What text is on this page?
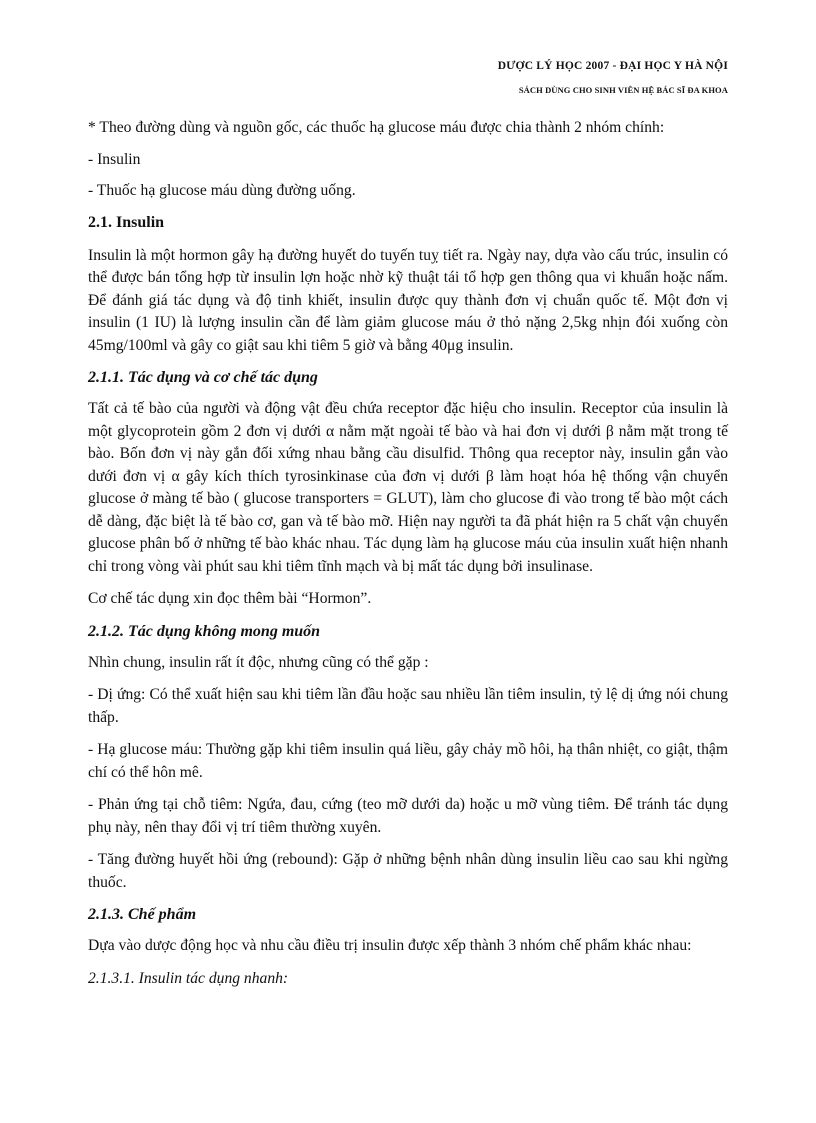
DƯỢC LÝ HỌC 2007 - ĐẠI HỌC Y HÀ NỘI
SÁCH DÙNG CHO SINH VIÊN HỆ BÁC SĨ ĐA KHOA

* Theo đường dùng và nguồn gốc, các thuốc hạ glucose máu được chia thành 2 nhóm chính:

- Insulin

- Thuốc hạ glucose máu dùng đường uống.

2.1. Insulin

Insulin là một hormon gây hạ đường huyết do tuyến tuỵ tiết ra. Ngày nay, dựa vào cấu trúc, insulin có thể được bán tổng hợp từ insulin lợn hoặc nhờ kỹ thuật tái tổ hợp gen thông qua vi khuẩn hoặc nấm. Để đánh giá tác dụng và độ tinh khiết, insulin được quy thành đơn vị chuẩn quốc tế. Một đơn vị insulin (1 IU) là lượng insulin cần để làm giảm glucose máu ở thỏ nặng 2,5kg nhịn đói xuống còn 45mg/100ml và gây co giật sau khi tiêm 5 giờ và bằng 40μg insulin.

2.1.1. Tác dụng và cơ chế tác dụng

Tất cả tế bào của người và động vật đều chứa receptor đặc hiệu cho insulin. Receptor của insulin là một glycoprotein gồm 2 đơn vị dưới α nằm mặt ngoài tế bào và hai đơn vị dưới β nằm mặt trong tế bào. Bốn đơn vị này gắn đối xứng nhau bằng cầu disulfid. Thông qua receptor này, insulin gắn vào dưới đơn vị α gây kích thích tyrosinkinase của đơn vị dưới β làm hoạt hóa hệ thống vận chuyển glucose ở màng tế bào ( glucose transporters = GLUT), làm cho glucose đi vào trong tế bào một cách dễ dàng, đặc biệt là tế bào cơ, gan và tế bào mỡ. Hiện nay người ta đã phát hiện ra 5 chất vận chuyển glucose phân bố ở những tế bào khác nhau. Tác dụng làm hạ glucose máu của insulin xuất hiện nhanh chỉ trong vòng vài phút sau khi tiêm tĩnh mạch và bị mất tác dụng bởi insulinase.

Cơ chế tác dụng xin đọc thêm bài “Hormon”.

2.1.2. Tác dụng không mong muốn

Nhìn chung, insulin rất ít độc, nhưng cũng có thể gặp :

- Dị ứng: Có thể xuất hiện sau khi tiêm lần đầu hoặc sau nhiều lần tiêm insulin, tỷ lệ dị ứng nói chung thấp.

- Hạ glucose máu: Thường gặp khi tiêm insulin quá liều, gây chảy mồ hôi, hạ thân nhiệt, co giật, thậm chí có thể hôn mê.

- Phản ứng tại chỗ tiêm: Ngứa, đau, cứng (teo mỡ dưới da) hoặc u mỡ vùng tiêm. Để tránh tác dụng phụ này, nên thay đổi vị trí tiêm thường xuyên.

- Tăng đường huyết hồi ứng (rebound): Gặp ở những bệnh nhân dùng insulin liều cao sau khi ngừng thuốc.

2.1.3. Chế phẩm

Dựa vào dược động học và nhu cầu điều trị insulin được xếp thành 3 nhóm chế phẩm khác nhau:

2.1.3.1. Insulin tác dụng nhanh:
